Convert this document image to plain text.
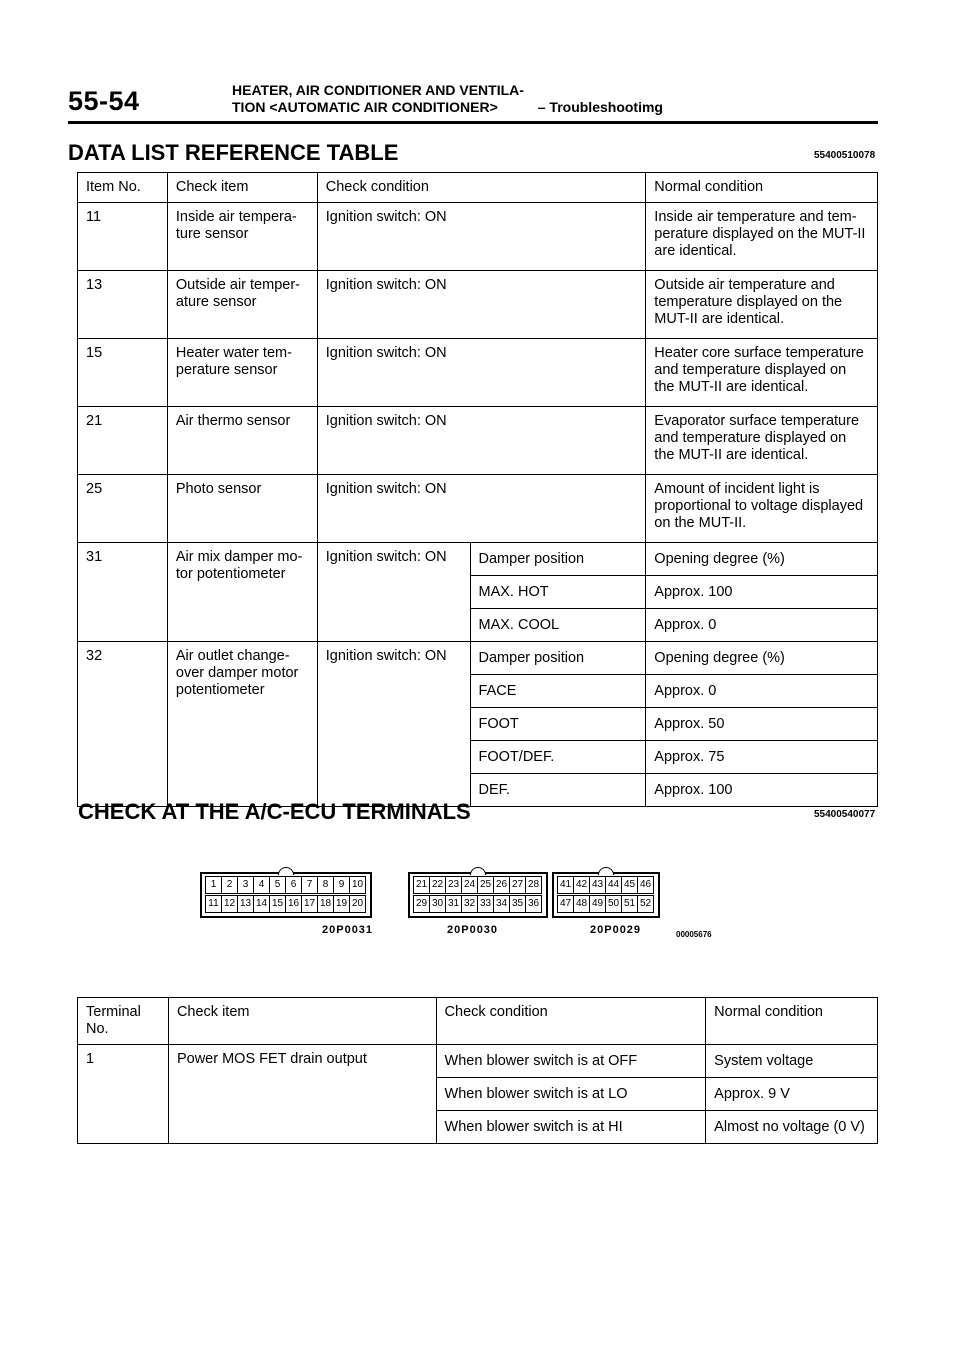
55-54	HEATER, AIR CONDITIONER AND VENTILA-
TION <AUTOMATIC AIR CONDITIONER>	– Troubleshootimg
DATA LIST REFERENCE TABLE	55400510078
Item No.	Check item	Check condition		Normal condition
11	Inside air tempera-
ture sensor	Ignition switch: ON		Inside air temperature and tem-
perature displayed on the MUT-II
are identical.
13	Outside air temper-
ature sensor	Ignition switch: ON		Outside air temperature and
temperature displayed on the
MUT-II are identical.
15	Heater water tem-
perature sensor	Ignition switch: ON		Heater core surface temperature
and temperature displayed on
the MUT-II are identical.
21	Air thermo sensor	Ignition switch: ON		Evaporator surface temperature
and temperature displayed on
the MUT-II are identical.
25	Photo sensor	Ignition switch: ON		Amount of incident light is
proportional to voltage displayed
on the MUT-II.
31	Air mix damper mo-
tor potentiometer	Ignition switch: ON	Damper position	Opening degree (%)
			MAX. HOT	Approx. 100
			MAX. COOL	Approx. 0
32	Air outlet change-
over damper motor
potentiometer	Ignition switch: ON	Damper position	Opening degree (%)
			FACE	Approx. 0
			FOOT	Approx. 50
			FOOT/DEF.	Approx. 75
			DEF.	Approx. 100
CHECK AT THE A/C-ECU TERMINALS	55400540077
1	2	3	4	5	6	7	8	9 10
11 12 13 14 15 16 17 18 19 20
20P0031
21 22 23 24 25 26 27 28
29 30 31 32 33 34 35 36
20P0030
41 42 43 44 45 46
47 48 49 50 51 52
20P0029	00005676
Terminal
No.	Check item	Check condition	Normal condition
1	Power MOS FET drain output	When blower switch is at OFF	System voltage
		When blower switch is at LO	Approx. 9 V
		When blower switch is at HI	Almost no voltage (0 V)
